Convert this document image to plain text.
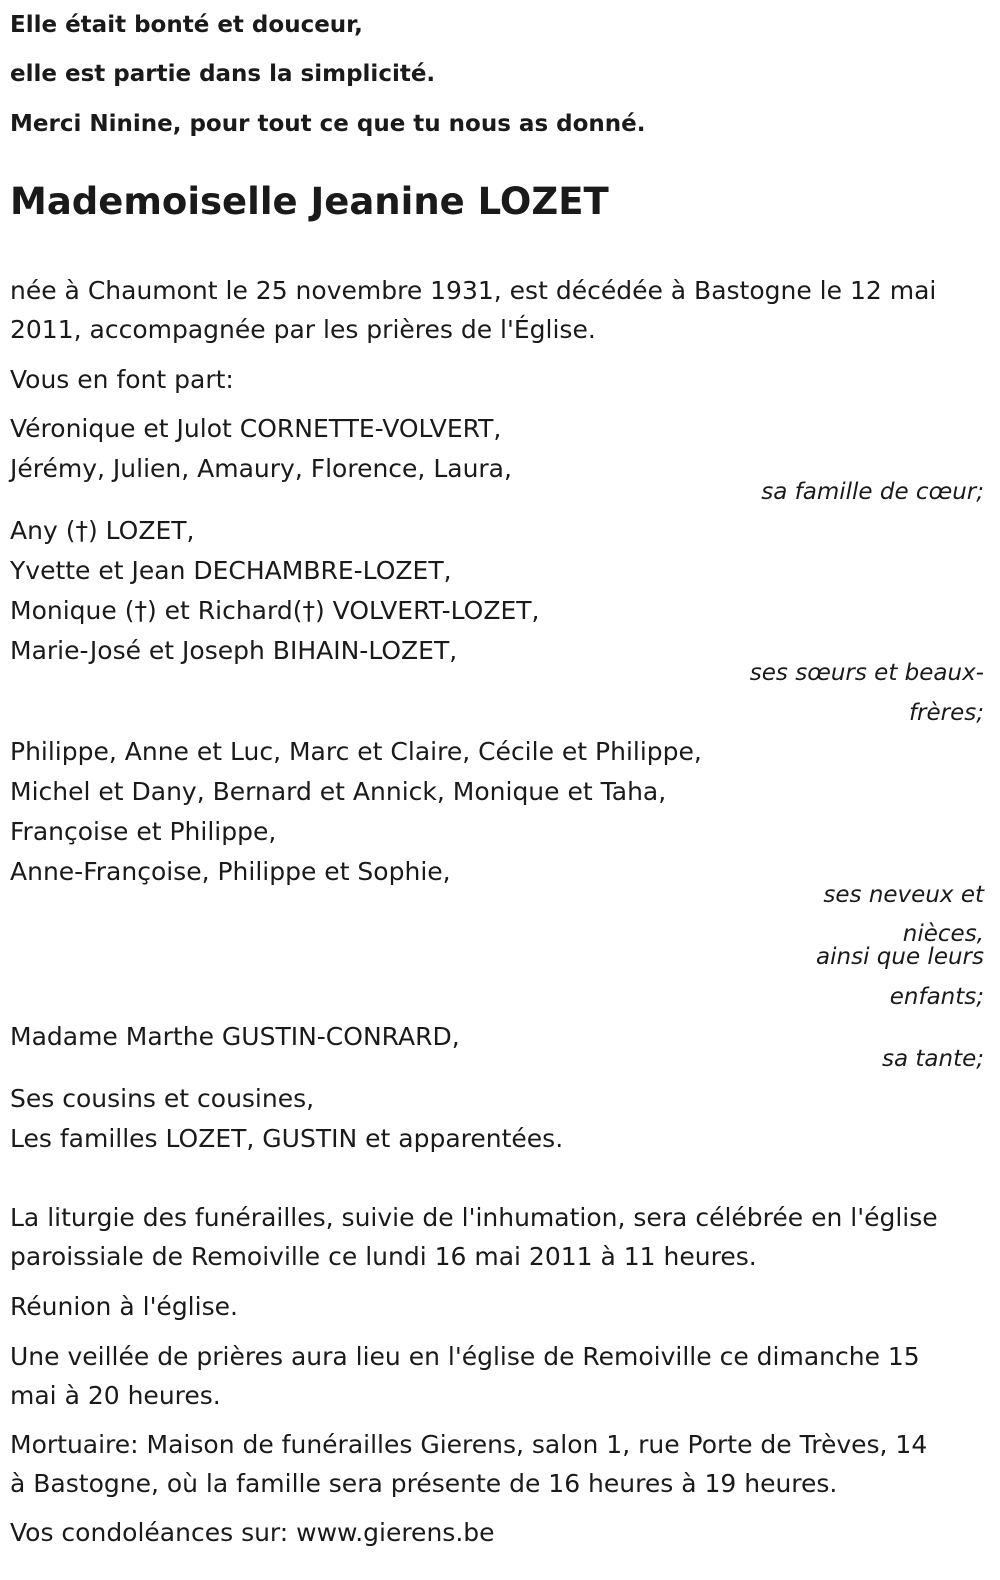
Elle était bonté et douceur,
elle est partie dans la simplicité.
Merci Ninine, pour tout ce que tu nous as donné.
Mademoiselle Jeanine LOZET
née à Chaumont le 25 novembre 1931, est décédée à Bastogne le 12 mai
2011, accompagnée par les prières de l'Église.
Vous en font part:
Véronique et Julot CORNETTE-VOLVERT,
Jérémy, Julien, Amaury, Florence, Laura,
sa famille de cœur;
Any (†) LOZET,
Yvette et Jean DECHAMBRE-LOZET,
Monique (†) et Richard(†) VOLVERT-LOZET,
Marie-José et Joseph BIHAIN-LOZET,
ses sœurs et beaux-
frères;
Philippe, Anne et Luc, Marc et Claire, Cécile et Philippe,
Michel et Dany, Bernard et Annick, Monique et Taha,
Françoise et Philippe,
Anne-Françoise, Philippe et Sophie,
ses neveux et
nièces,
ainsi que leurs
enfants;
Madame Marthe GUSTIN-CONRARD,
sa tante;
Ses cousins et cousines,
Les familles LOZET, GUSTIN et apparentées.
La liturgie des funérailles, suivie de l'inhumation, sera célébrée en l'église
paroissiale de Remoiville ce lundi 16 mai 2011 à 11 heures.
Réunion à l'église.
Une veillée de prières aura lieu en l'église de Remoiville ce dimanche 15
mai à 20 heures.
Mortuaire: Maison de funérailles Gierens, salon 1, rue Porte de Trèves, 14
à Bastogne, où la famille sera présente de 16 heures à 19 heures.
Vos condoléances sur: www.gierens.be
